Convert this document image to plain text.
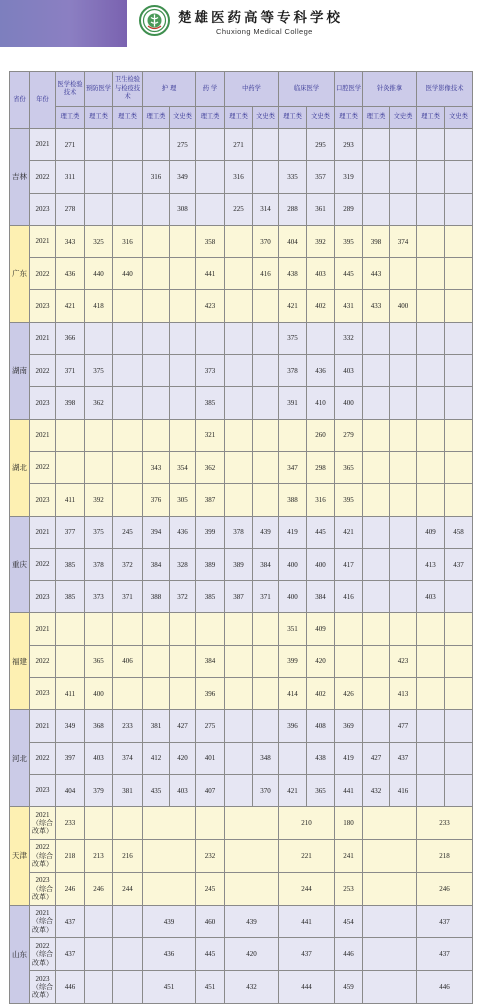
楚雄医药高等专科学校
Chuxiong Medical College
省份	年份	医学检验技术	预防医学	卫生检验与检疫技术	护 理		药 学	中药学		临床医学		口腔医学	针灸推拿		医学影像技术	
		理工类	理工类	理工类	理工类	文史类	理工类	理工类	文史类	理工类	文史类	理工类	理工类	文史类	理工类	文史类
吉林	2021	271				275		271			295	293				
	2022	311			316	349		316		335	357	319				
	2023	278				308		225	314	288	361	289				
广东	2021	343	325	316			358		370	404	392	395	398	374		
	2022	436	440	440			441		416	438	403	445	443			
	2023	421	418				423			421	402	431	433	400		
湖南	2021	366								375		332				
	2022	371	375				373			378	436	403				
	2023	398	362				385			391	410	400				
湖北	2021						321				260	279				
	2022				343	354	362			347	298	365				
	2023	411	392		376	305	387			388	316	395				
重庆	2021	377	375	245	394	436	399	378	439	419	445	421			409	458
	2022	385	378	372	384	328	389	389	384	400	400	417			413	437
	2023	385	373	371	388	372	385	387	371	400	384	416			403	
福建	2021									351	409					
	2022		365	406			384			399	420			423		
	2023	411	400				396			414	402	426		413		
河北	2021	349	368	233	381	427	275			396	408	369		477		
	2022	397	403	374	412	420	401		348		438	419	427	437		
	2023	404	379	381	435	403	407		370	421	365	441	432	416		
天津	2021（综合改革）	233								210		180			233	
	2022（综合改革）	218	213	216			232			221		241			218	
	2023（综合改革）	246	246	244			245			244		253			246	
山东	2021（综合改革）	437			439		460	439		441		454			437	
	2022（综合改革）	437			436		445	420		437		446			437	
	2023（综合改革）	446			451		451	432		444		459			446	
